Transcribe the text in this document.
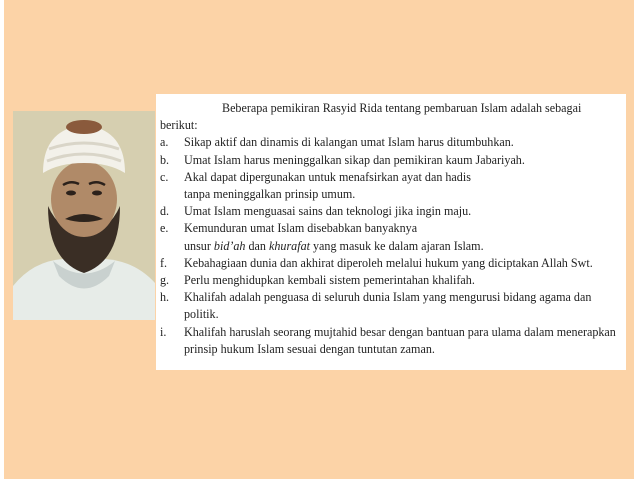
Beberapa pemikiran Rasyid Rida tentang pembaruan Islam adalah sebagai berikut:

a. Sikap aktif dan dinamis di kalangan umat Islam harus ditumbuhkan.
b. Umat Islam harus meninggalkan sikap dan pemikiran kaum Jabariyah.
c. Akal dapat dipergunakan untuk menafsirkan ayat dan hadis
tanpa meninggalkan prinsip umum.
d. Umat Islam menguasai sains dan teknologi jika ingin maju.
e. Kemunduran umat Islam disebabkan banyaknya
unsur bid’ah dan khurafat yang masuk ke dalam ajaran Islam.
f. Kebahagiaan dunia dan akhirat diperoleh melalui hukum yang diciptakan Allah Swt.
g. Perlu menghidupkan kembali sistem pemerintahan khalifah.
h. Khalifah adalah penguasa di seluruh dunia Islam yang mengurusi bidang agama dan politik.
i. Khalifah haruslah seorang mujtahid besar dengan bantuan para ulama dalam menerapkan prinsip hukum Islam sesuai dengan tuntutan zaman.
